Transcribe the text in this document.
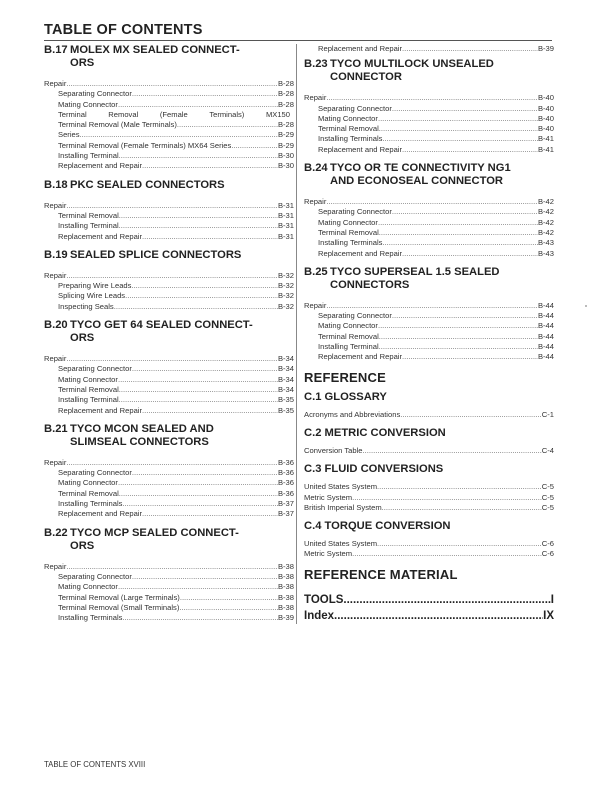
TABLE OF CONTENTS
B.17 MOLEX MX SEALED CONNECT-
ORS
Repair .....	B-28
Separating Connector .....	B-28
Mating Connector .....	B-28
Terminal	Removal	(Female	Terminals)	MX150
Terminal Removal (Male Terminals) .....	B-28
Series .....	B-29
Terminal Removal (Female Terminals) MX64 Series .....	B-29
Installing Terminal .....	B-30
Replacement and Repair .....	B-30
B.18 PKC SEALED CONNECTORS
Repair .....	B-31
Terminal Removal .....	B-31
Installing Terminal .....	B-31
Replacement and Repair .....	B-31
B.19 SEALED SPLICE CONNECTORS
Repair .....	B-32
Preparing Wire Leads .....	B-32
Splicing Wire Leads .....	B-32
Inspecting Seals .....	B-32
B.20 TYCO GET 64 SEALED CONNECT-
ORS
Repair .....	B-34
Separating Connector .....	B-34
Mating Connector .....	B-34
Terminal Removal .....	B-34
Installing Terminal .....	B-35
Replacement and Repair .....	B-35
B.21 TYCO MCON SEALED AND
SLIMSEAL CONNECTORS
Repair .....	B-36
Separating Connector .....	B-36
Mating Connector .....	B-36
Terminal Removal .....	B-36
Installing Terminals .....	B-37
Replacement and Repair .....	B-37
B.22 TYCO MCP SEALED CONNECT-
ORS
Repair .....	B-38
Separating Connector .....	B-38
Mating Connector .....	B-38
Terminal Removal (Large Terminals) .....	B-38
Terminal Removal (Small Terminals) .....	B-38
Installing Terminals .....	B-39
Replacement and Repair .....	B-39
B.23 TYCO MULTILOCK UNSEALED
CONNECTOR
Repair .....	B-40
Separating Connector .....	B-40
Mating Connector .....	B-40
Terminal Removal .....	B-40
Installing Terminals .....	B-41
Replacement and Repair .....	B-41
B.24 TYCO OR TE CONNECTIVITY NG1
AND ECONOSEAL CONNECTOR
Repair .....	B-42
Separating Connector .....	B-42
Mating Connector .....	B-42
Terminal Removal .....	B-42
Installing Terminals .....	B-43
Replacement and Repair .....	B-43
B.25 TYCO SUPERSEAL 1.5 SEALED
CONNECTORS
Repair .....	B-44
Separating Connector .....	B-44
Mating Connector .....	B-44
Terminal Removal .....	B-44
Installing Terminal .....	B-44
Replacement and Repair .....	B-44
REFERENCE
C.1 GLOSSARY
Acronyms and Abbreviations .....	C-1
C.2 METRIC CONVERSION
Conversion Table .....	C-4
C.3 FLUID CONVERSIONS
United States System .....	C-5
Metric System .....	C-5
British Imperial System .....	C-5
C.4 TORQUE CONVERSION
United States System .....	C-6
Metric System .....	C-6
REFERENCE MATERIAL
TOOLS .....	I
Index .....	IX
TABLE OF CONTENTS XVIII
